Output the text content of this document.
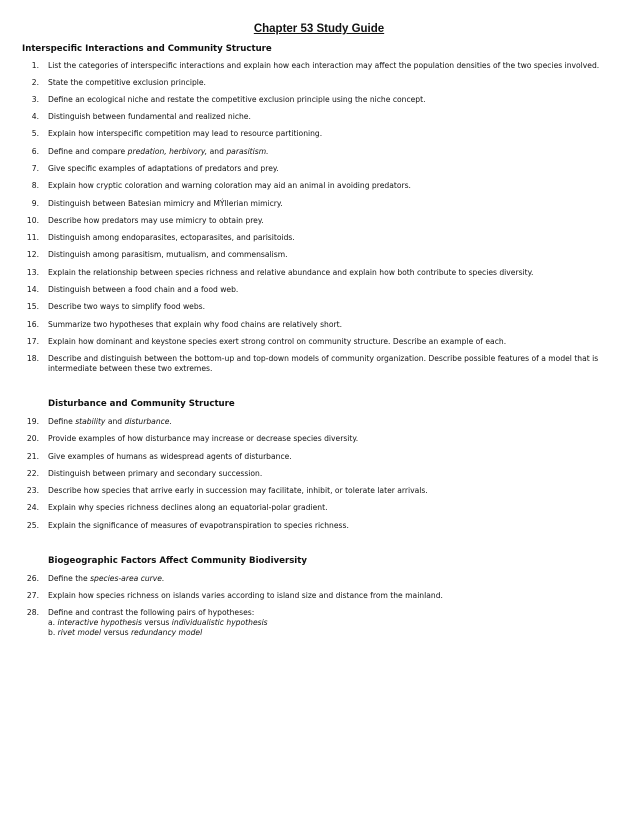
Chapter 53 Study Guide
Interspecific Interactions and Community Structure
1. List the categories of interspecific interactions and explain how each interaction may affect the population densities of the two species involved.
2. State the competitive exclusion principle.
3. Define an ecological niche and restate the competitive exclusion principle using the niche concept.
4. Distinguish between fundamental and realized niche.
5. Explain how interspecific competition may lead to resource partitioning.
6. Define and compare predation, herbivory, and parasitism.
7. Give specific examples of adaptations of predators and prey.
8. Explain how cryptic coloration and warning coloration may aid an animal in avoiding predators.
9. Distinguish between Batesian mimicry and MÝllerian mimicry.
10. Describe how predators may use mimicry to obtain prey.
11. Distinguish among endoparasites, ectoparasites, and parisitoids.
12. Distinguish among parasitism, mutualism, and commensalism.
13. Explain the relationship between species richness and relative abundance and explain how both contribute to species diversity.
14. Distinguish between a food chain and a food web.
15. Describe two ways to simplify food webs.
16. Summarize two hypotheses that explain why food chains are relatively short.
17. Explain how dominant and keystone species exert strong control on community structure. Describe an example of each.
18. Describe and distinguish between the bottom-up and top-down models of community organization. Describe possible features of a model that is intermediate between these two extremes.
Disturbance and Community Structure
19. Define stability and disturbance.
20. Provide examples of how disturbance may increase or decrease species diversity.
21. Give examples of humans as widespread agents of disturbance.
22. Distinguish between primary and secondary succession.
23. Describe how species that arrive early in succession may facilitate, inhibit, or tolerate later arrivals.
24. Explain why species richness declines along an equatorial-polar gradient.
25. Explain the significance of measures of evapotranspiration to species richness.
Biogeographic Factors Affect Community Biodiversity
26. Define the species-area curve.
27. Explain how species richness on islands varies according to island size and distance from the mainland.
28. Define and contrast the following pairs of hypotheses:
a. interactive hypothesis versus individualistic hypothesis
b. rivet model versus redundancy model
